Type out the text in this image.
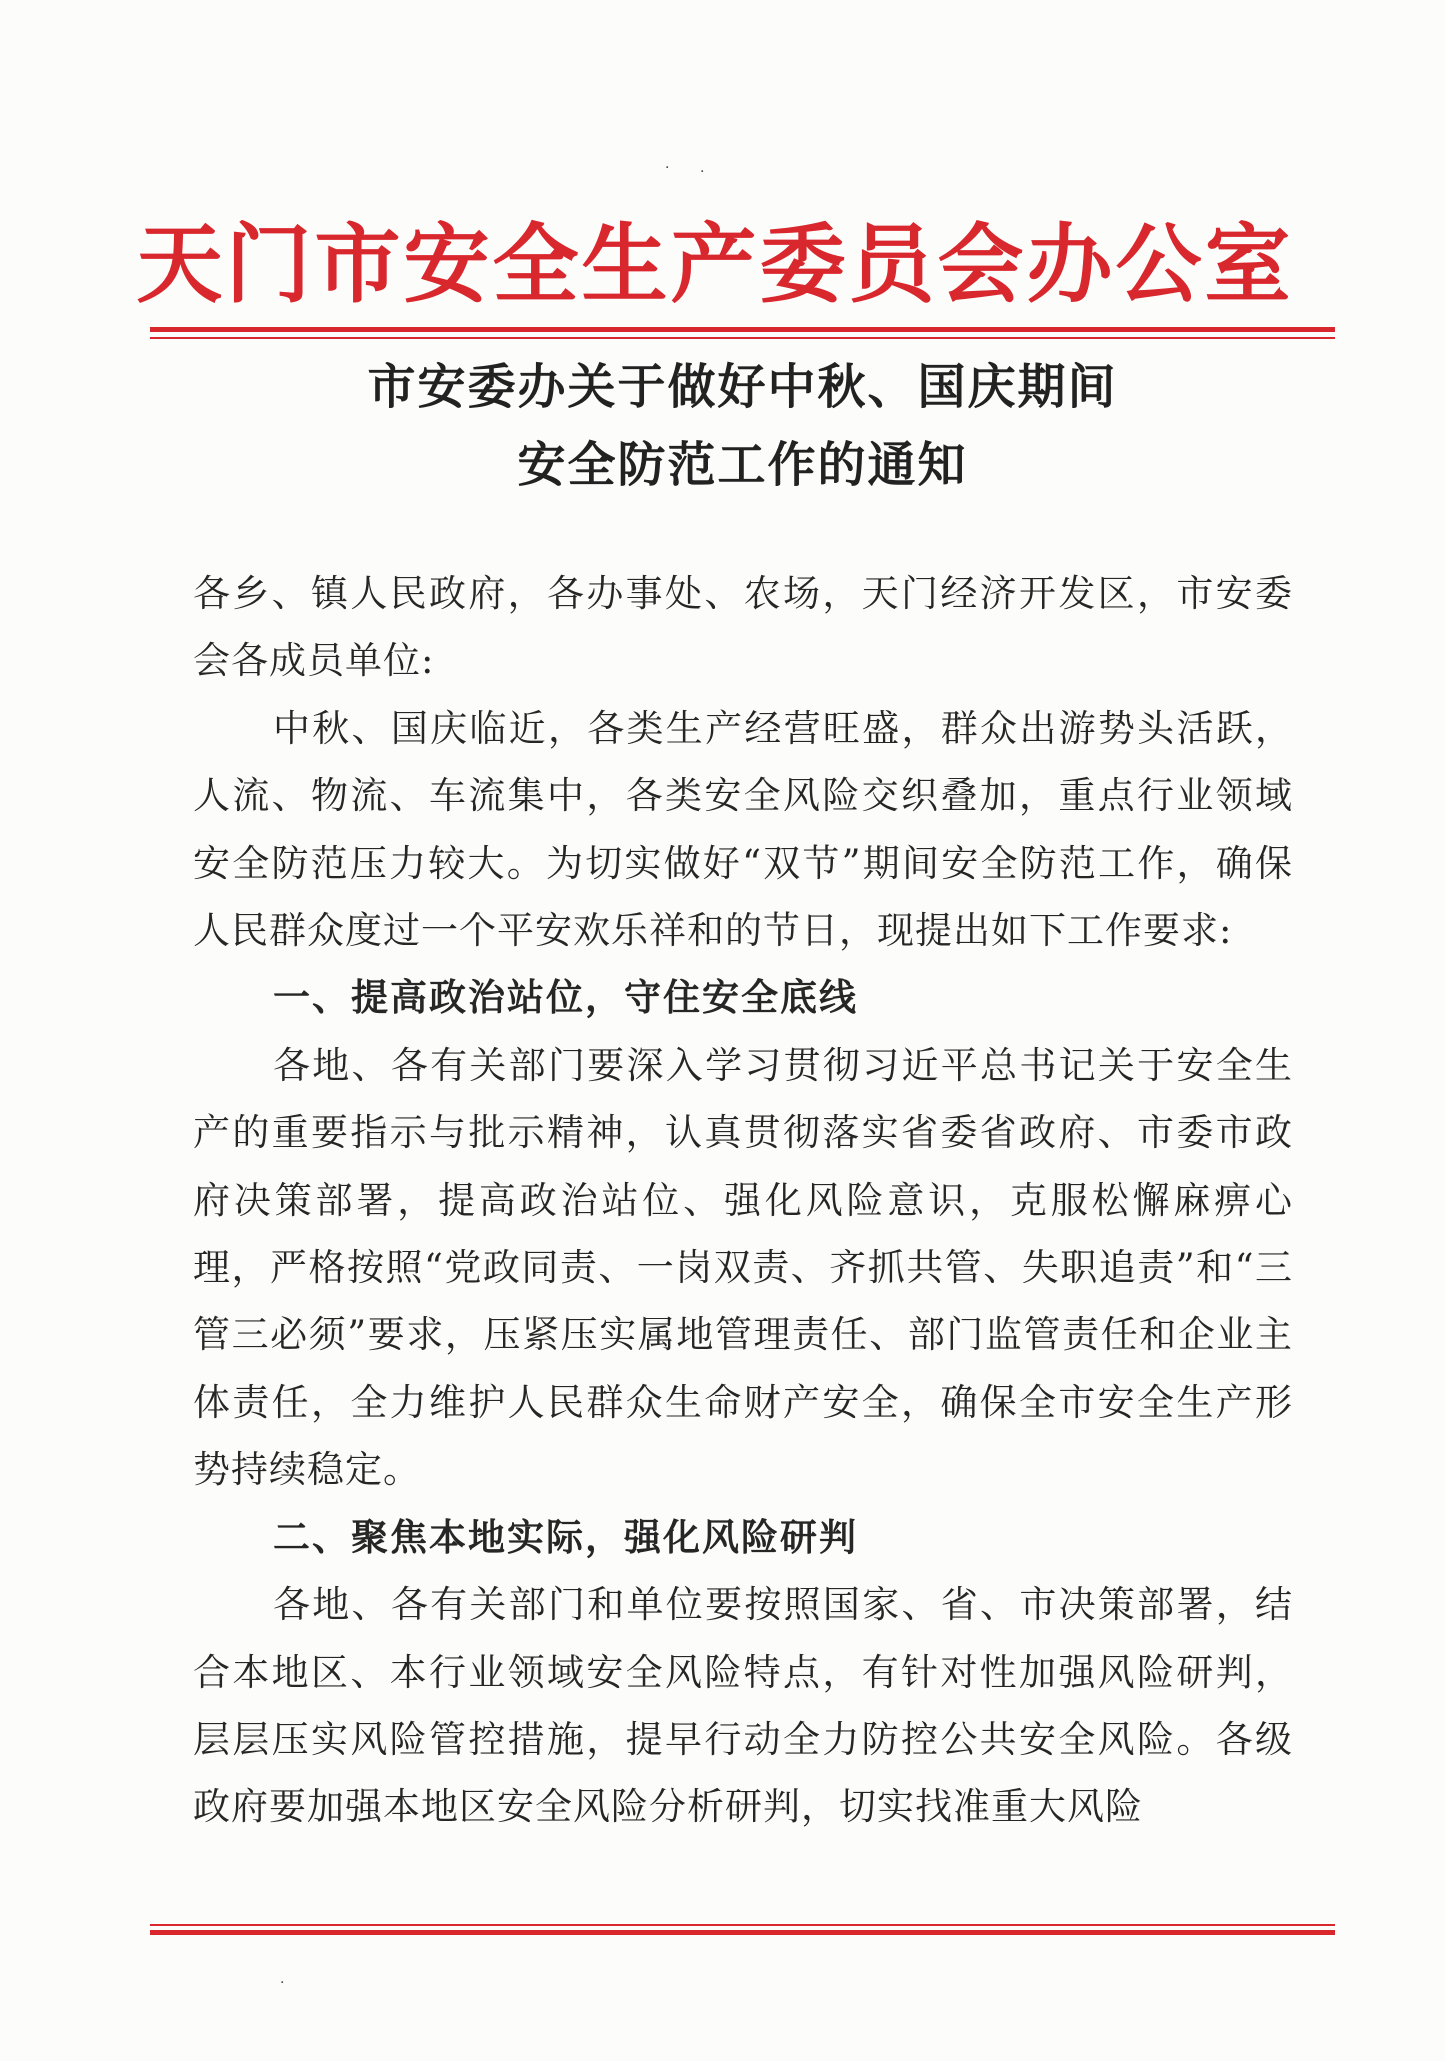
天门市安全生产委员会办公室
市安委办关于做好中秋、国庆期间
安全防范工作的通知

各乡、镇人民政府，各办事处、农场，天门经济开发区，市安委会各成员单位:

中秋、国庆临近，各类生产经营旺盛，群众出游势头活跃，人流、物流、车流集中，各类安全风险交织叠加，重点行业领域安全防范压力较大。为切实做好“双节”期间安全防范工作，确保人民群众度过一个平安欢乐祥和的节日，现提出如下工作要求:

一、提高政治站位，守住安全底线

各地、各有关部门要深入学习贯彻习近平总书记关于安全生产的重要指示与批示精神，认真贯彻落实省委省政府、市委市政府决策部署，提高政治站位、强化风险意识，克服松懈麻痹心理，严格按照“党政同责、一岗双责、齐抓共管、失职追责”和“三管三必须”要求，压紧压实属地管理责任、部门监管责任和企业主体责任，全力维护人民群众生命财产安全，确保全市安全生产形势持续稳定。

二、聚焦本地实际，强化风险研判

各地、各有关部门和单位要按照国家、省、市决策部署，结合本地区、本行业领域安全风险特点，有针对性加强风险研判，层层压实风险管控措施，提早行动全力防控公共安全风险。各级政府要加强本地区安全风险分析研判，切实找准重大风险

· ·
·
